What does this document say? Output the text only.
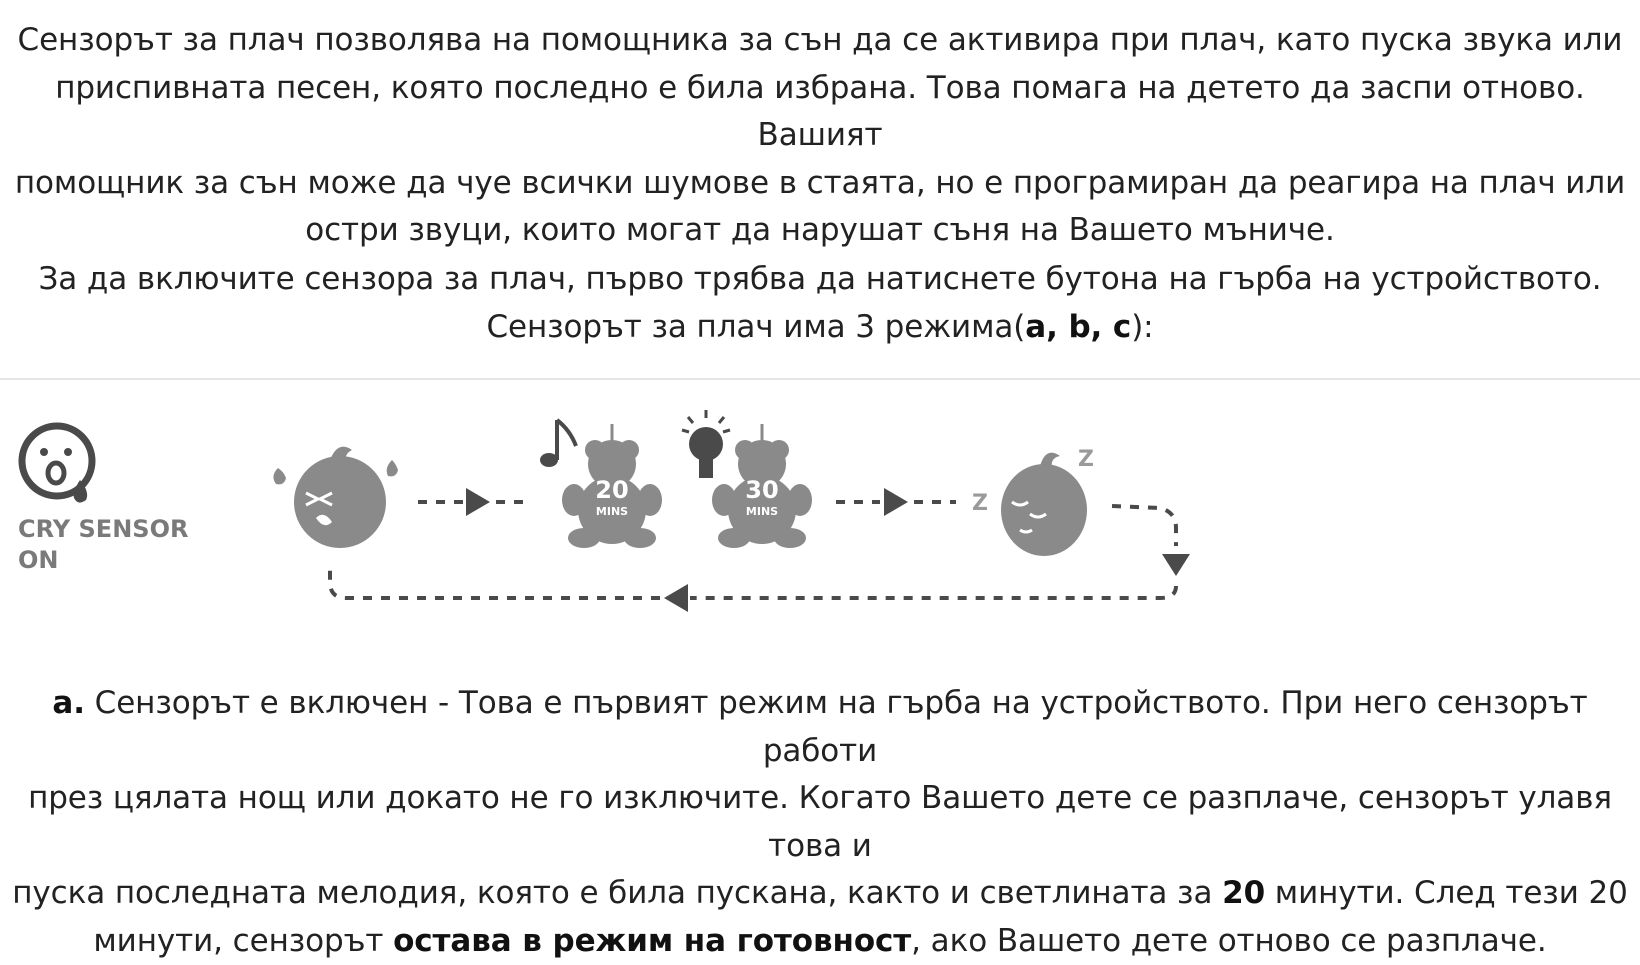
Сензорът за плач позволява на помощника за сън да се активира при плач, като пуска звука или
приспивната песен, която последно е била избрана. Това помага на детето да заспи отново. Вашият
помощник за сън може да чуе всички шумове в стаята, но е програмиран да реагира на плач или
остри звуци, които могат да нарушат съня на Вашето мъниче.
За да включите сензора за плач, първо трябва да натиснете бутона на гърба на устройството.
Сензорът за плач има 3 режима(a, b, c):
CRY SENSOR
ON
20
MINS
30
MINS	Z
Z
a. Сензорът е включен - Това е първият режим на гърба на устройството. При него сензорът работи
през цялата нощ или докато не го изключите. Когато Вашето дете се разплаче, сензорът улавя това и
пуска последната мелодия, която е била пускана, както и светлината за 20 минути. След тези 20
минути, сензорът остава в режим на готовност, ако Вашето дете отново се разплаче.
